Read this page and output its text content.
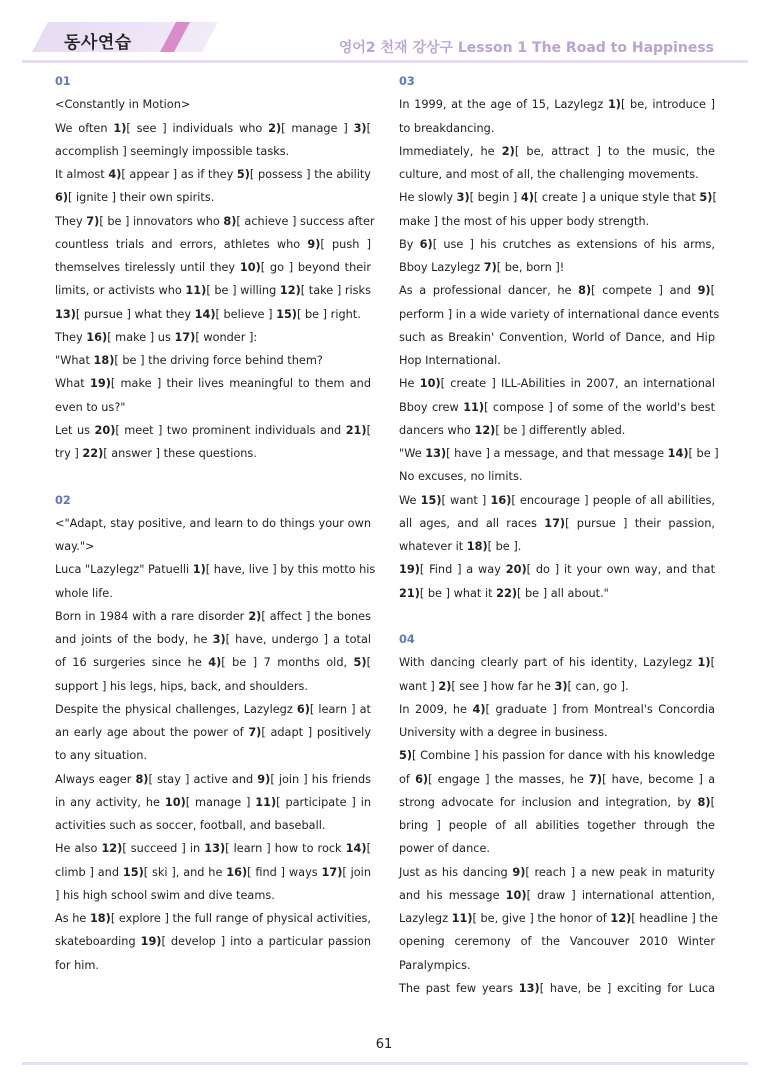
동사연습	영어2 천재 강상구 Lesson 1 The Road to Happiness
01
<Constantly in Motion>
We often 1)[ see ] individuals who 2)[ manage ] 3)[
accomplish ] seemingly impossible tasks.
It almost 4)[ appear ] as if they 5)[ possess ] the ability
6)[ ignite ] their own spirits.
They 7)[ be ] innovators who 8)[ achieve ] success after
countless trials and errors, athletes who 9)[ push ]
themselves tirelessly until they 10)[ go ] beyond their
limits, or activists who 11)[ be ] willing 12)[ take ] risks
13)[ pursue ] what they 14)[ believe ] 15)[ be ] right.
They 16)[ make ] us 17)[ wonder ]:
"What 18)[ be ] the driving force behind them?
What 19)[ make ] their lives meaningful to them and
even to us?"
Let us 20)[ meet ] two prominent individuals and 21)[
try ] 22)[ answer ] these questions.
02
<"Adapt, stay positive, and learn to do things your own
way.">
Luca "Lazylegz" Patuelli 1)[ have, live ] by this motto his
whole life.
Born in 1984 with a rare disorder 2)[ affect ] the bones
and joints of the body, he 3)[ have, undergo ] a total
of 16 surgeries since he 4)[ be ] 7 months old, 5)[
support ] his legs, hips, back, and shoulders.
Despite the physical challenges, Lazylegz 6)[ learn ] at
an early age about the power of 7)[ adapt ] positively
to any situation.
Always eager 8)[ stay ] active and 9)[ join ] his friends
in any activity, he 10)[ manage ] 11)[ participate ] in
activities such as soccer, football, and baseball.
He also 12)[ succeed ] in 13)[ learn ] how to rock 14)[
climb ] and 15)[ ski ], and he 16)[ find ] ways 17)[ join
] his high school swim and dive teams.
As he 18)[ explore ] the full range of physical activities,
skateboarding 19)[ develop ] into a particular passion
for him.
03
In 1999, at the age of 15, Lazylegz 1)[ be, introduce ]
to breakdancing.
Immediately, he 2)[ be, attract ] to the music, the
culture, and most of all, the challenging movements.
He slowly 3)[ begin ] 4)[ create ] a unique style that 5)[
make ] the most of his upper body strength.
By 6)[ use ] his crutches as extensions of his arms,
Bboy Lazylegz 7)[ be, born ]!
As a professional dancer, he 8)[ compete ] and 9)[
perform ] in a wide variety of international dance events
such as Breakin' Convention, World of Dance, and Hip
Hop International.
He 10)[ create ] ILL-Abilities in 2007, an international
Bboy crew 11)[ compose ] of some of the world's best
dancers who 12)[ be ] differently abled.
"We 13)[ have ] a message, and that message 14)[ be ]
No excuses, no limits.
We 15)[ want ] 16)[ encourage ] people of all abilities,
all ages, and all races 17)[ pursue ] their passion,
whatever it 18)[ be ].
19)[ Find ] a way 20)[ do ] it your own way, and that
21)[ be ] what it 22)[ be ] all about."
04
With dancing clearly part of his identity, Lazylegz 1)[
want ] 2)[ see ] how far he 3)[ can, go ].
In 2009, he 4)[ graduate ] from Montreal's Concordia
University with a degree in business.
5)[ Combine ] his passion for dance with his knowledge
of 6)[ engage ] the masses, he 7)[ have, become ] a
strong advocate for inclusion and integration, by 8)[
bring ] people of all abilities together through the
power of dance.
Just as his dancing 9)[ reach ] a new peak in maturity
and his message 10)[ draw ] international attention,
Lazylegz 11)[ be, give ] the honor of 12)[ headline ] the
opening ceremony of the Vancouver 2010 Winter
Paralympics.
The past few years 13)[ have, be ] exciting for Luca
61
